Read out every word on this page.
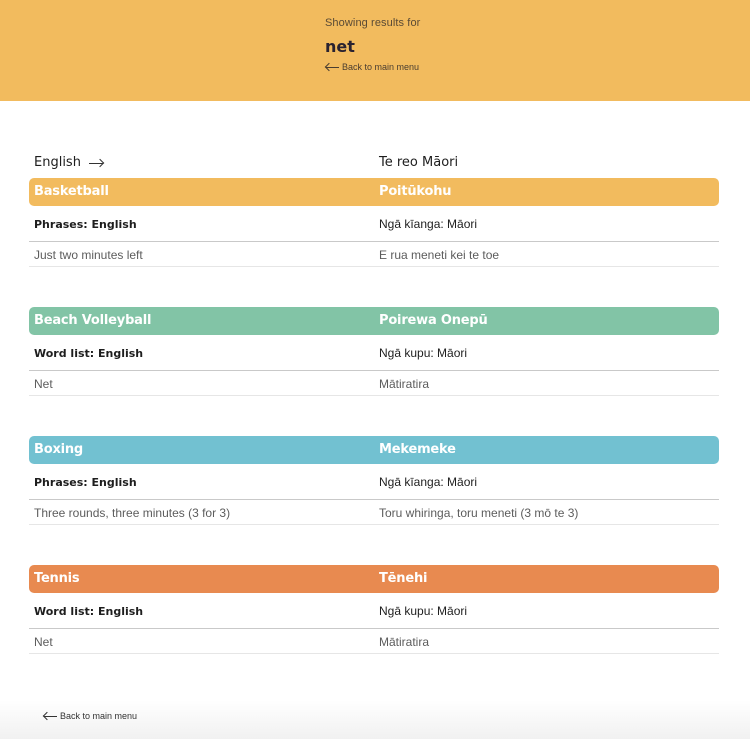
Showing results for
net
Back to main menu
English	Te reo Māori
Basketball	Poitūkohu
Phrases: English	Ngā kīanga: Māori
Just two minutes left	E rua meneti kei te toe
Beach Volleyball	Poirewa Onepū
Word list: English	Ngā kupu: Māori
Net	Mātiratira
Boxing	Mekemeke
Phrases: English	Ngā kīanga: Māori
Three rounds, three minutes (3 for 3)	Toru whiringa, toru meneti (3 mō te 3)
Tennis	Tēnehi
Word list: English	Ngā kupu: Māori
Net	Mātiratira
Back to main menu
